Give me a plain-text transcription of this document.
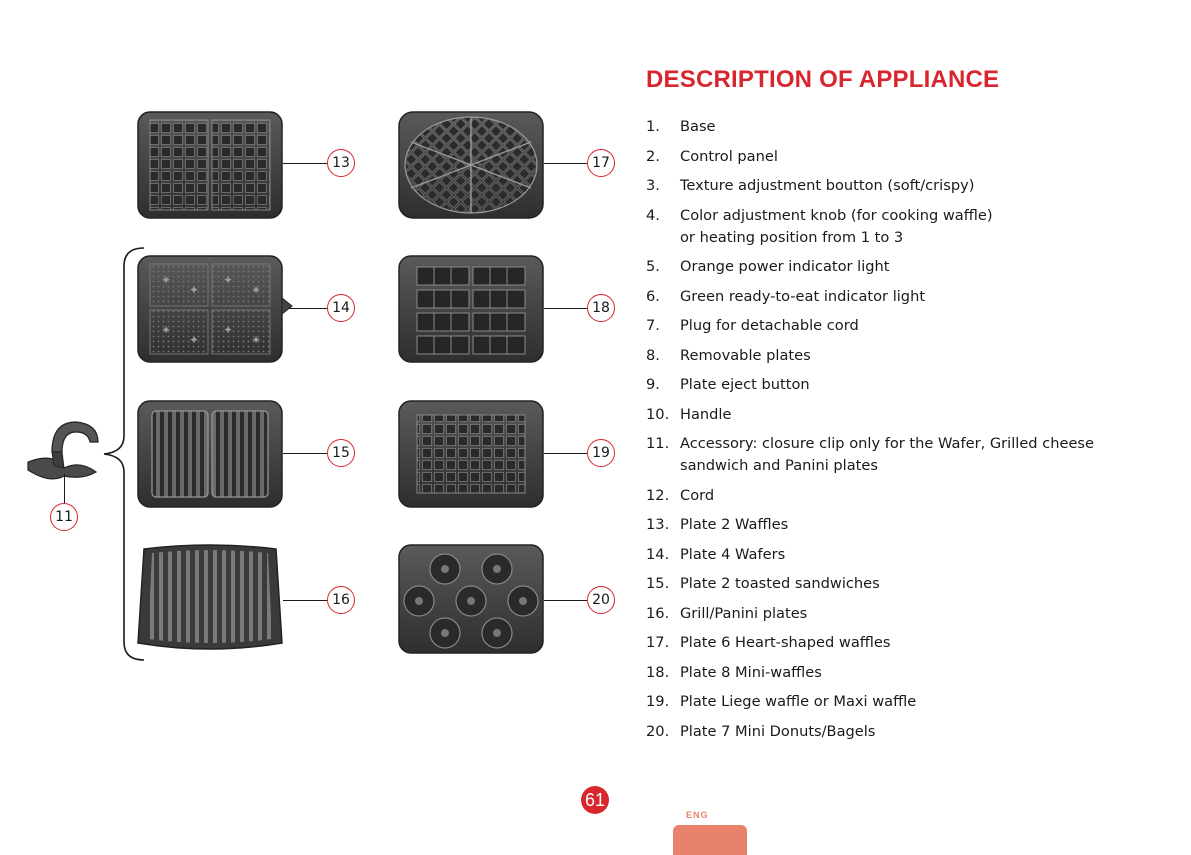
DESCRIPTION OF APPLIANCE
1.	Base
2.	Control panel
3.	Texture adjustment boutton (soft/crispy)
4.	Color adjustment knob (for cooking waffle) or heating position from 1 to 3
5.	Orange power indicator light
6.	Green ready-to-eat indicator light
7.	Plug for detachable cord
8.	Removable plates
9.	Plate eject button
10. Handle
11. Accessory: closure clip only for the Wafer, Grilled cheese sandwich and Panini plates
12. Cord
13. Plate 2 Waffles
14. Plate 4 Wafers
15. Plate 2 toasted sandwiches
16. Grill/Panini plates
17. Plate 6 Heart-shaped waffles
18. Plate 8 Mini-waffles
19. Plate Liege waffle or Maxi waffle
20. Plate 7 Mini Donuts/Bagels
✦
✦
✦
✦
✦
✦
✦
✦
11
13
14
15
16
17
18
19
20
61
ENG
